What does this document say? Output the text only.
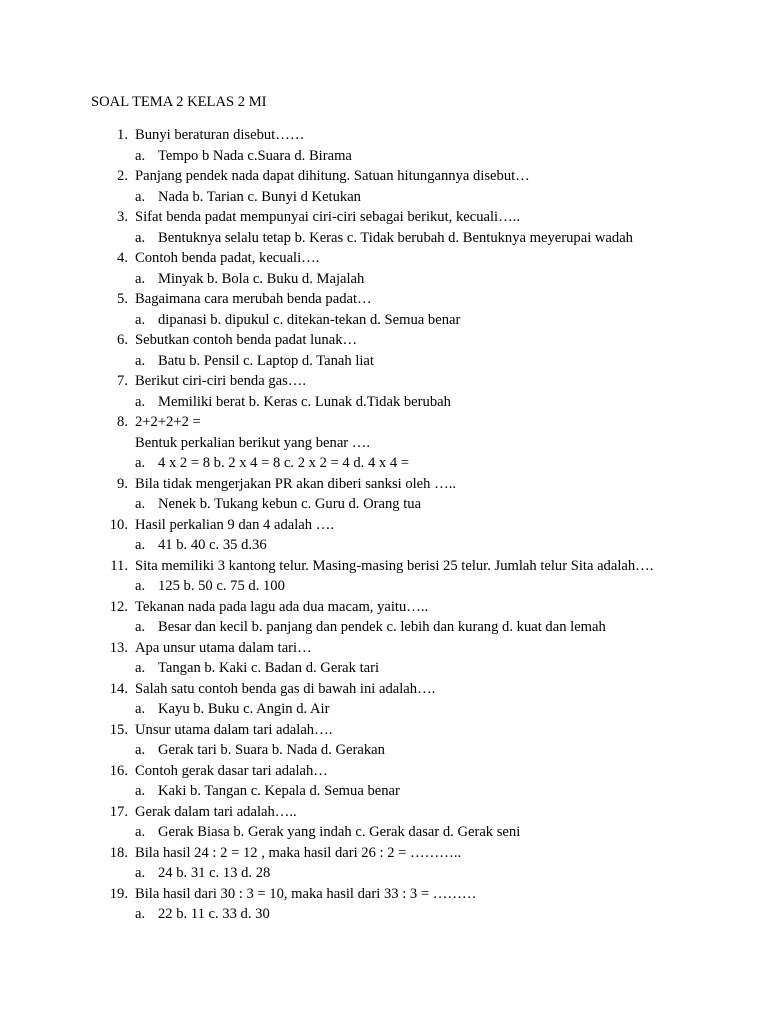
SOAL TEMA 2 KELAS 2 MI
1. Bunyi beraturan disebut……
a. Tempo b Nada c.Suara d. Birama
2. Panjang pendek nada dapat dihitung. Satuan hitungannya disebut…
a. Nada b. Tarian c. Bunyi d Ketukan
3. Sifat benda padat mempunyai ciri-ciri sebagai berikut, kecuali…..
a. Bentuknya selalu tetap b. Keras c. Tidak berubah d. Bentuknya meyerupai wadah
4. Contoh benda padat, kecuali….
a. Minyak b. Bola c. Buku d. Majalah
5. Bagaimana cara merubah benda padat…
a. dipanasi b. dipukul c. ditekan-tekan d. Semua benar
6. Sebutkan contoh benda padat lunak…
a. Batu b. Pensil c. Laptop d. Tanah liat
7. Berikut ciri-ciri benda gas….
a. Memiliki berat b. Keras c. Lunak d.Tidak berubah
8. 2+2+2+2 =
Bentuk perkalian berikut yang benar ….
a. 4 x 2 = 8 b. 2 x 4 = 8 c. 2 x 2 = 4 d. 4 x 4 =
9. Bila tidak mengerjakan PR akan diberi sanksi oleh …..
a. Nenek b. Tukang kebun c. Guru d. Orang tua
10. Hasil perkalian 9 dan 4 adalah ….
a. 41 b. 40 c. 35 d.36
11. Sita memiliki 3 kantong telur. Masing-masing berisi 25 telur. Jumlah telur Sita adalah….
a. 125 b. 50 c. 75 d. 100
12. Tekanan nada pada lagu ada dua macam, yaitu…..
a. Besar dan kecil b. panjang dan pendek c. lebih dan kurang d. kuat dan lemah
13. Apa unsur utama dalam tari…
a. Tangan b. Kaki c. Badan d. Gerak tari
14. Salah satu contoh benda gas di bawah ini adalah….
a. Kayu b. Buku c. Angin d. Air
15. Unsur utama dalam tari adalah….
a. Gerak tari b. Suara b. Nada d. Gerakan
16. Contoh gerak dasar tari adalah…
a. Kaki b. Tangan c. Kepala d. Semua benar
17. Gerak dalam tari adalah…..
a. Gerak Biasa b. Gerak yang indah c. Gerak dasar d. Gerak seni
18. Bila hasil 24 : 2 = 12 , maka hasil dari 26 : 2 = ………..
a. 24 b. 31 c. 13 d. 28
19. Bila hasil dari 30 : 3 = 10, maka hasil dari 33 : 3 = ………
a. 22 b. 11 c. 33 d. 30
